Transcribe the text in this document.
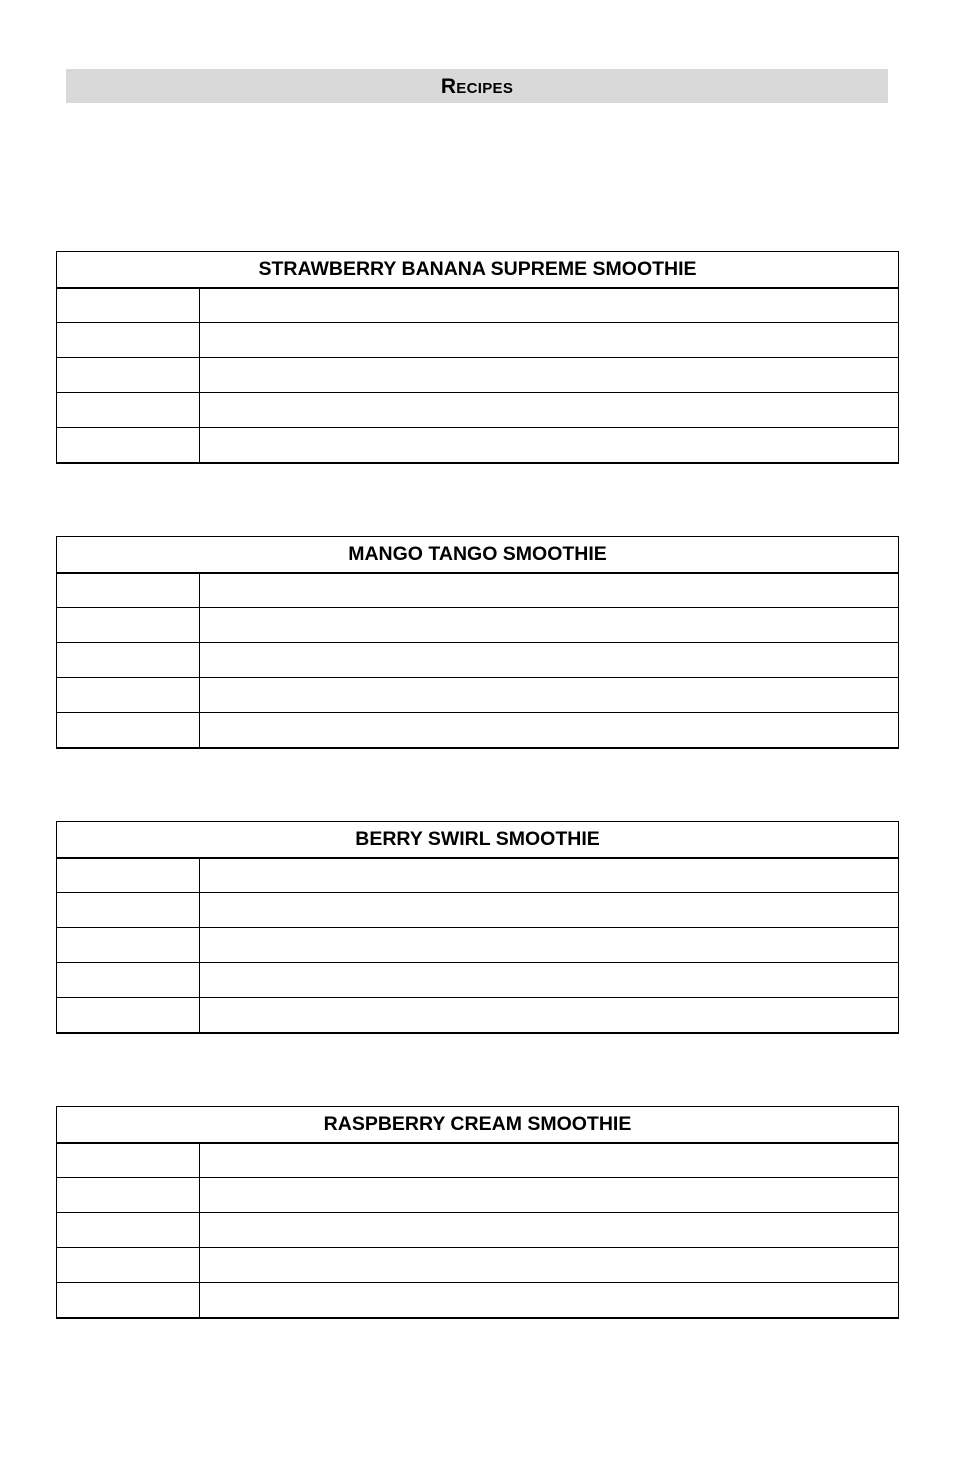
Recipes
STRAWBERRY BANANA SUPREME SMOOTHIE	

MANGO TANGO SMOOTHIE	

BERRY SWIRL SMOOTHIE	

RASPBERRY CREAM SMOOTHIE	
